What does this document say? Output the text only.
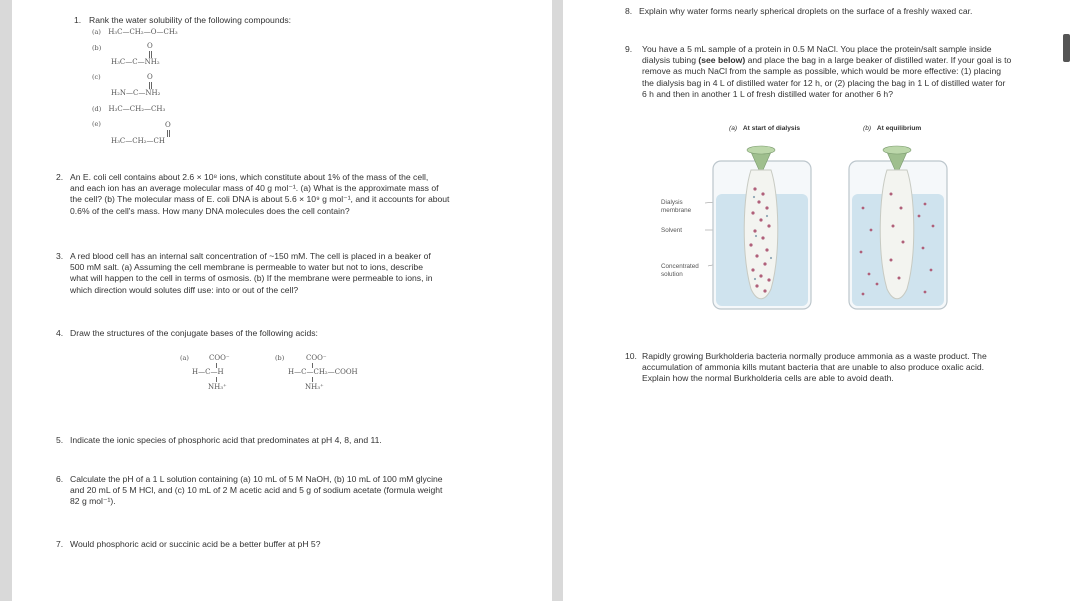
1. Rank the water solubility of the following compounds:
(a) H₃C—CH₂—O—CH₃
(b)	O
H₃C—C—NH₂
(c)	O
H₂N—C—NH₂
(d) H₃C—CH₂—CH₃
(e)	O
H₃C—CH₂—CH
2. An E. coli cell contains about 2.6 × 10⁸ ions, which constitute about 1% of the mass of the cell,
and each ion has an average molecular mass of 40 g mol⁻¹. (a) What is the approximate mass of
the cell? (b) The molecular mass of E. coli DNA is about 5.6 × 10⁹ g mol⁻¹, and it accounts for about
0.6% of the cell's mass. How many DNA molecules does the cell contain?
3. A red blood cell has an internal salt concentration of ~150 mM. The cell is placed in a beaker of
500 mM salt. (a) Assuming the cell membrane is permeable to water but not to ions, describe
what will happen to the cell in terms of osmosis. (b) If the membrane were permeable to ions, in
which direction would solutes diff use: into or out of the cell?
4. Draw the structures of the conjugate bases of the following acids:
(a)	COO⁻
H—C—H
NH₃⁺
(b)	COO⁻
H—C—CH₂—COOH
NH₃⁺
5. Indicate the ionic species of phosphoric acid that predominates at pH 4, 8, and 11.
6. Calculate the pH of a 1 L solution containing (a) 10 mL of 5 M NaOH, (b) 10 mL of 100 mM glycine
and 20 mL of 5 M HCl, and (c) 10 mL of 2 M acetic acid and 5 g of sodium acetate (formula weight
82 g mol⁻¹).
7. Would phosphoric acid or succinic acid be a better buffer at pH 5?
8. Explain why water forms nearly spherical droplets on the surface of a freshly waxed car.
9. You have a 5 mL sample of a protein in 0.5 M NaCl. You place the protein/salt sample inside
dialysis tubing (see below) and place the bag in a large beaker of distilled water. If your goal is to
remove as much NaCl from the sample as possible, which would be more effective: (1) placing
the dialysis bag in 4 L of distilled water for 12 h, or (2) placing the bag in 1 L of distilled water for
6 h and then in another 1 L of fresh distilled water for another 6 h?
(a) At start of dialysis	(b) At equilibrium
Dialysis
membrane
Solvent
Concentrated
solution
10. Rapidly growing Burkholderia bacteria normally produce ammonia as a waste product. The
accumulation of ammonia kills mutant bacteria that are unable to also produce oxalic acid.
Explain how the normal Burkholderia cells are able to avoid death.
